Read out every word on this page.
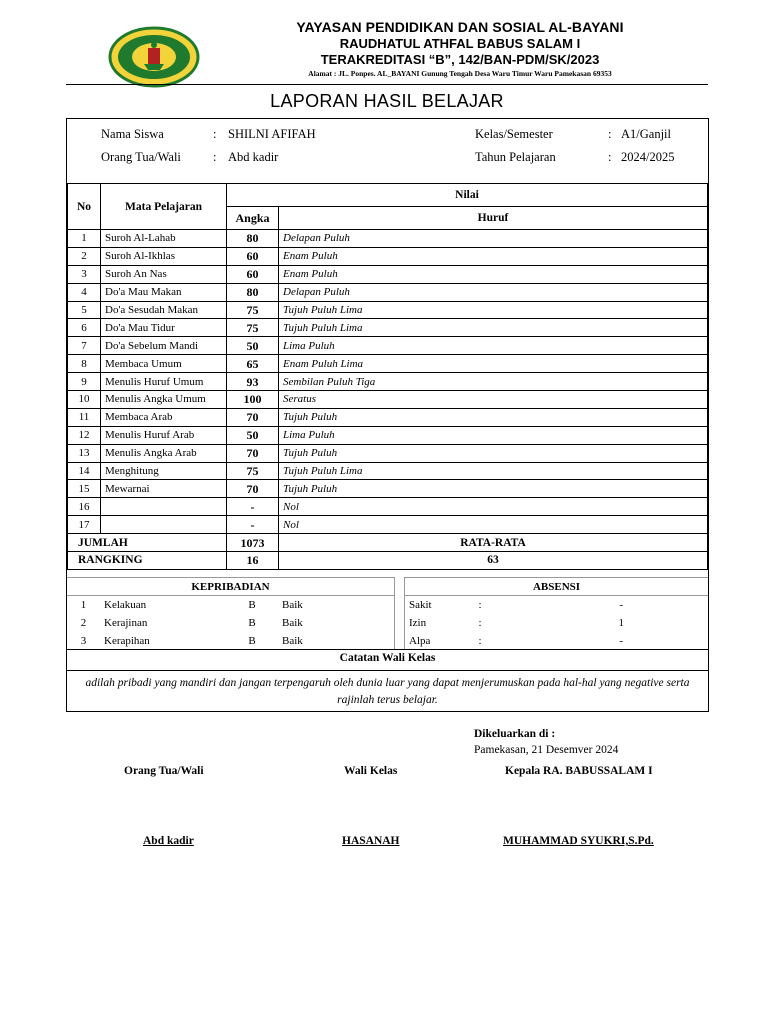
YAYASAN PENDIDIKAN DAN SOSIAL AL-BAYANI
RAUDHATUL ATHFAL BABUS SALAM I
TERAKREDITASI “B”, 142/BAN-PDM/SK/2023
Alamat : JL. Ponpes. AL_BAYANI Gunung Tengah Desa Waru Timur Waru Pamekasan 69353
LAPORAN HASIL BELAJAR
Nama Siswa	: SHILNI AFIFAH
Orang Tua/Wali	: Abd kadir
Kelas/Semester	: A1/Ganjil
Tahun Pelajaran	: 2024/2025
No	Mata Pelajaran	Nilai	
		Angka	Huruf
1	Suroh Al-Lahab	80	Delapan Puluh
2	Suroh Al-Ikhlas	60	Enam Puluh
3	Suroh An Nas	60	Enam Puluh
4	Do'a Mau Makan	80	Delapan Puluh
5	Do'a Sesudah Makan	75	Tujuh Puluh Lima
6	Do'a Mau Tidur	75	Tujuh Puluh Lima
7	Do'a Sebelum Mandi	50	Lima Puluh
8	Membaca Umum	65	Enam Puluh Lima
9	Menulis Huruf Umum	93	Sembilan Puluh Tiga
10	Menulis Angka Umum	100	Seratus
11	Membaca Arab	70	Tujuh Puluh
12	Menulis Huruf Arab	50	Lima Puluh
13	Menulis Angka Arab	70	Tujuh Puluh
14	Menghitung	75	Tujuh Puluh Lima
15	Mewarnai	70	Tujuh Puluh
16		-	Nol
17		-	Nol
JUMLAH		1073	RATA-RATA
RANGKING		16	63
KEPRIBADIAN			
1	Kelakuan	B	Baik
2	Kerajinan	B	Baik
3	Kerapihan	B	Baik
ABSENSI		
Sakit	:	-
Izin	:	1
Alpa	:	-
Catatan Wali Kelas
adilah pribadi yang mandiri dan jangan terpengaruh oleh dunia luar yang dapat menjerumuskan pada hal-hal yang negative serta rajinlah terus belajar.
Dikeluarkan di :
Pamekasan, 21 Desemver 2024
Orang Tua/Wali	Wali Kelas	Kepala RA. BABUSSALAM I
Abd kadir	HASANAH	MUHAMMAD SYUKRI,S.Pd.
